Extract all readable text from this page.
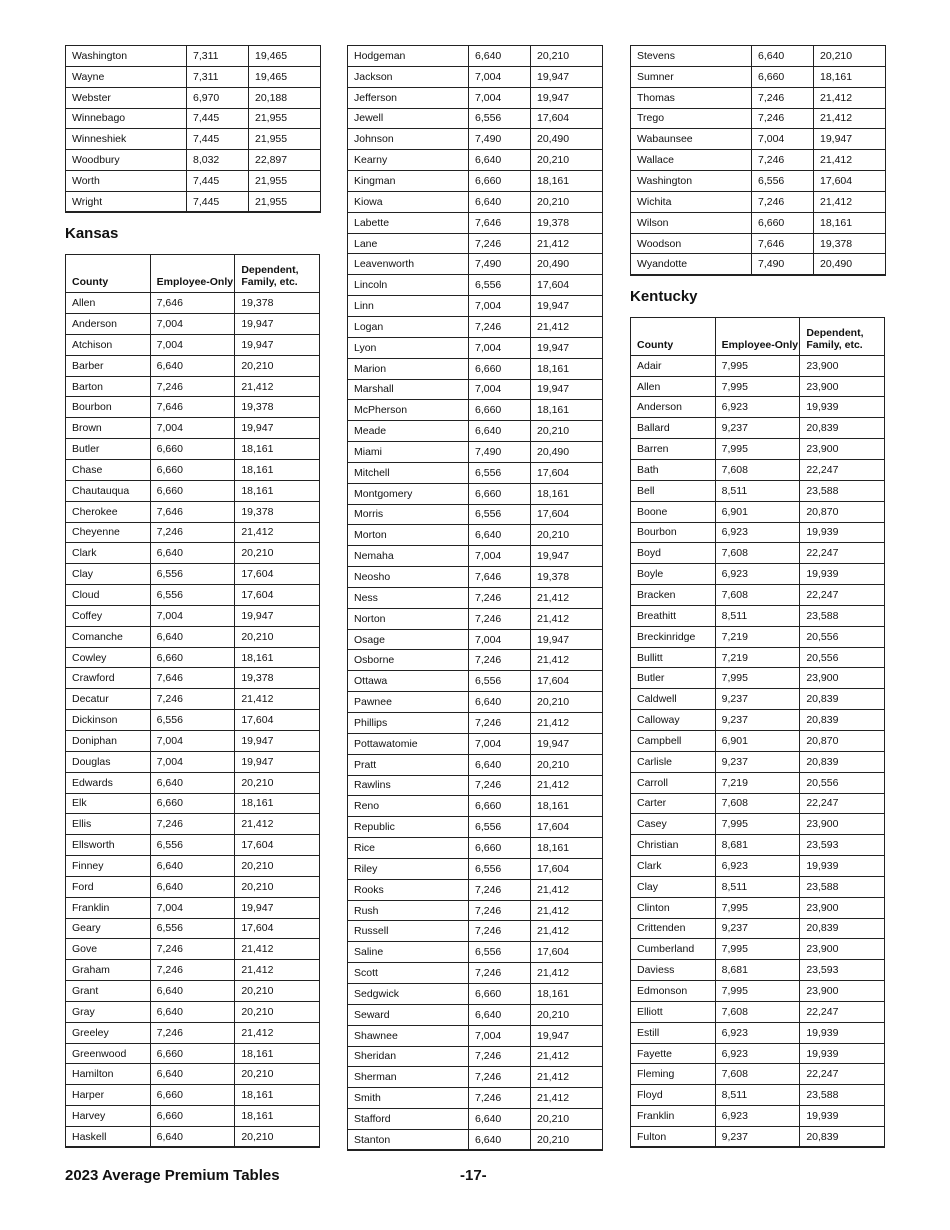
Washington	7,311	19,465
Wayne	7,311	19,465
Webster	6,970	20,188
Winnebago	7,445	21,955
Winneshiek	7,445	21,955
Woodbury	8,032	22,897
Worth	7,445	21,955
Wright	7,445	21,955
Kansas
County	Employee-Only	Dependent, Family, etc.
Allen	7,646	19,378
Anderson	7,004	19,947
Atchison	7,004	19,947
Barber	6,640	20,210
Barton	7,246	21,412
Bourbon	7,646	19,378
Brown	7,004	19,947
Butler	6,660	18,161
Chase	6,660	18,161
Chautauqua	6,660	18,161
Cherokee	7,646	19,378
Cheyenne	7,246	21,412
Clark	6,640	20,210
Clay	6,556	17,604
Cloud	6,556	17,604
Coffey	7,004	19,947
Comanche	6,640	20,210
Cowley	6,660	18,161
Crawford	7,646	19,378
Decatur	7,246	21,412
Dickinson	6,556	17,604
Doniphan	7,004	19,947
Douglas	7,004	19,947
Edwards	6,640	20,210
Elk	6,660	18,161
Ellis	7,246	21,412
Ellsworth	6,556	17,604
Finney	6,640	20,210
Ford	6,640	20,210
Franklin	7,004	19,947
Geary	6,556	17,604
Gove	7,246	21,412
Graham	7,246	21,412
Grant	6,640	20,210
Gray	6,640	20,210
Greeley	7,246	21,412
Greenwood	6,660	18,161
Hamilton	6,640	20,210
Harper	6,660	18,161
Harvey	6,660	18,161
Haskell	6,640	20,210
Hodgeman	6,640	20,210
Jackson	7,004	19,947
Jefferson	7,004	19,947
Jewell	6,556	17,604
Johnson	7,490	20,490
Kearny	6,640	20,210
Kingman	6,660	18,161
Kiowa	6,640	20,210
Labette	7,646	19,378
Lane	7,246	21,412
Leavenworth	7,490	20,490
Lincoln	6,556	17,604
Linn	7,004	19,947
Logan	7,246	21,412
Lyon	7,004	19,947
Marion	6,660	18,161
Marshall	7,004	19,947
McPherson	6,660	18,161
Meade	6,640	20,210
Miami	7,490	20,490
Mitchell	6,556	17,604
Montgomery	6,660	18,161
Morris	6,556	17,604
Morton	6,640	20,210
Nemaha	7,004	19,947
Neosho	7,646	19,378
Ness	7,246	21,412
Norton	7,246	21,412
Osage	7,004	19,947
Osborne	7,246	21,412
Ottawa	6,556	17,604
Pawnee	6,640	20,210
Phillips	7,246	21,412
Pottawatomie	7,004	19,947
Pratt	6,640	20,210
Rawlins	7,246	21,412
Reno	6,660	18,161
Republic	6,556	17,604
Rice	6,660	18,161
Riley	6,556	17,604
Rooks	7,246	21,412
Rush	7,246	21,412
Russell	7,246	21,412
Saline	6,556	17,604
Scott	7,246	21,412
Sedgwick	6,660	18,161
Seward	6,640	20,210
Shawnee	7,004	19,947
Sheridan	7,246	21,412
Sherman	7,246	21,412
Smith	7,246	21,412
Stafford	6,640	20,210
Stanton	6,640	20,210
Stevens	6,640	20,210
Sumner	6,660	18,161
Thomas	7,246	21,412
Trego	7,246	21,412
Wabaunsee	7,004	19,947
Wallace	7,246	21,412
Washington	6,556	17,604
Wichita	7,246	21,412
Wilson	6,660	18,161
Woodson	7,646	19,378
Wyandotte	7,490	20,490
Kentucky
County	Employee-Only	Dependent, Family, etc.
Adair	7,995	23,900
Allen	7,995	23,900
Anderson	6,923	19,939
Ballard	9,237	20,839
Barren	7,995	23,900
Bath	7,608	22,247
Bell	8,511	23,588
Boone	6,901	20,870
Bourbon	6,923	19,939
Boyd	7,608	22,247
Boyle	6,923	19,939
Bracken	7,608	22,247
Breathitt	8,511	23,588
Breckinridge	7,219	20,556
Bullitt	7,219	20,556
Butler	7,995	23,900
Caldwell	9,237	20,839
Calloway	9,237	20,839
Campbell	6,901	20,870
Carlisle	9,237	20,839
Carroll	7,219	20,556
Carter	7,608	22,247
Casey	7,995	23,900
Christian	8,681	23,593
Clark	6,923	19,939
Clay	8,511	23,588
Clinton	7,995	23,900
Crittenden	9,237	20,839
Cumberland	7,995	23,900
Daviess	8,681	23,593
Edmonson	7,995	23,900
Elliott	7,608	22,247
Estill	6,923	19,939
Fayette	6,923	19,939
Fleming	7,608	22,247
Floyd	8,511	23,588
Franklin	6,923	19,939
Fulton	9,237	20,839
2023 Average Premium Tables	-17-
